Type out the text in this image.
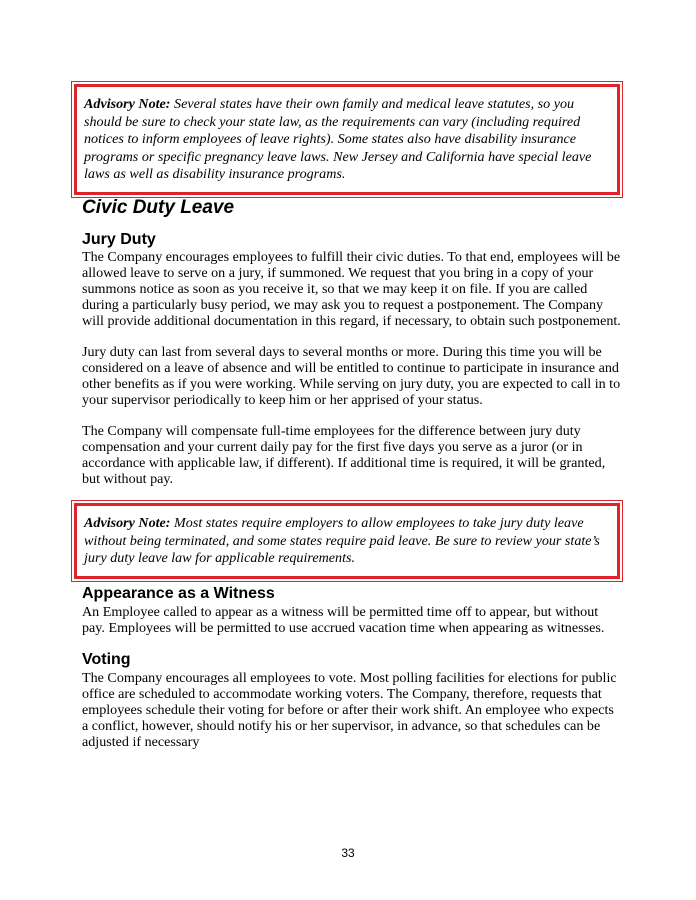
Advisory Note: Several states have their own family and medical leave statutes, so you should be sure to check your state law, as the requirements can vary (including required notices to inform employees of leave rights). Some states also have disability insurance programs or specific pregnancy leave laws. New Jersey and California have special leave laws as well as disability insurance programs.
Civic Duty Leave
Jury Duty

The Company encourages employees to fulfill their civic duties. To that end, employees will be allowed leave to serve on a jury, if summoned. We request that you bring in a copy of your summons notice as soon as you receive it, so that we may keep it on file. If you are called during a particularly busy period, we may ask you to request a postponement. The Company will provide additional documentation in this regard, if necessary, to obtain such postponement.

Jury duty can last from several days to several months or more. During this time you will be considered on a leave of absence and will be entitled to continue to participate in insurance and other benefits as if you were working. While serving on jury duty, you are expected to call in to your supervisor periodically to keep him or her apprised of your status.

The Company will compensate full-time employees for the difference between jury duty compensation and your current daily pay for the first five days you serve as a juror (or in accordance with applicable law, if different). If additional time is required, it will be granted, but without pay.

Advisory Note: Most states require employers to allow employees to take jury duty leave without being terminated, and some states require paid leave. Be sure to review your state’s jury duty leave law for applicable requirements.
Appearance as a Witness

An Employee called to appear as a witness will be permitted time off to appear, but without pay. Employees will be permitted to use accrued vacation time when appearing as witnesses.

Voting

The Company encourages all employees to vote. Most polling facilities for elections for public office are scheduled to accommodate working voters. The Company, therefore, requests that employees schedule their voting for before or after their work shift. An employee who expects a conflict, however, should notify his or her supervisor, in advance, so that schedules can be adjusted if necessary

33
